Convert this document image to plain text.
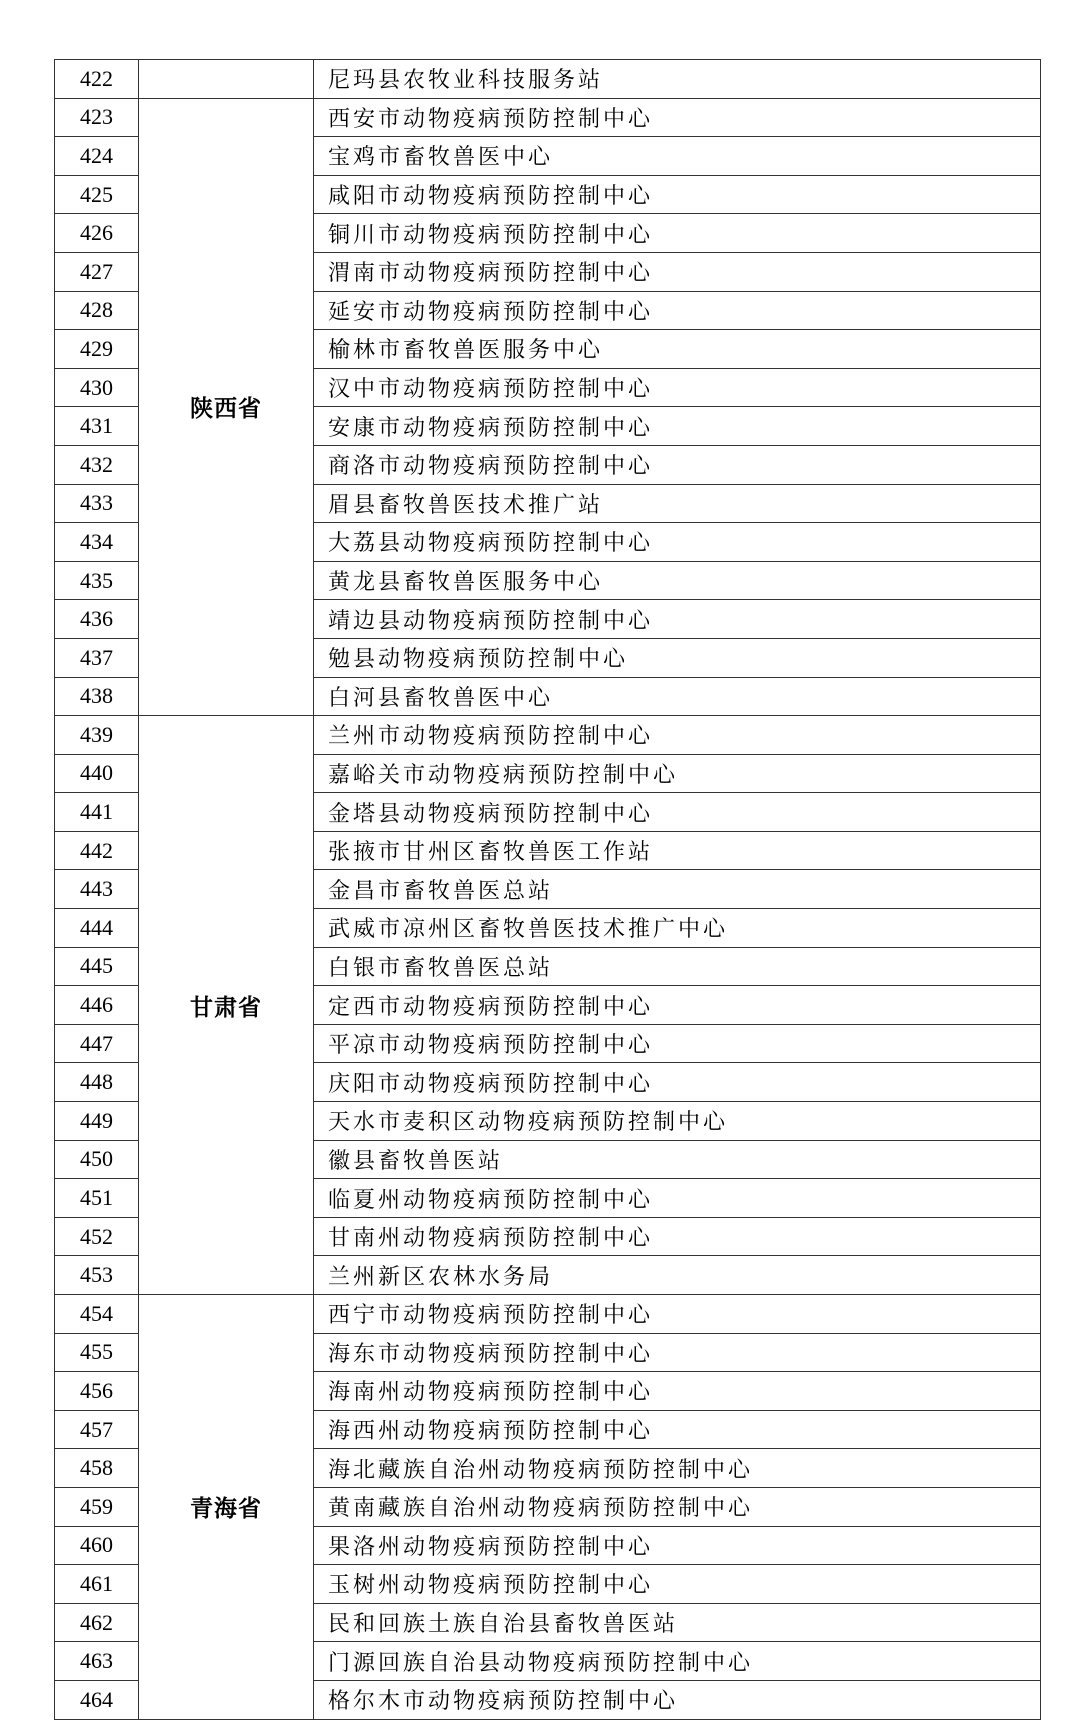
422		尼玛县农牧业科技服务站
423	陕西省	西安市动物疫病预防控制中心
424		宝鸡市畜牧兽医中心
425		咸阳市动物疫病预防控制中心
426		铜川市动物疫病预防控制中心
427		渭南市动物疫病预防控制中心
428		延安市动物疫病预防控制中心
429		榆林市畜牧兽医服务中心
430		汉中市动物疫病预防控制中心
431		安康市动物疫病预防控制中心
432		商洛市动物疫病预防控制中心
433		眉县畜牧兽医技术推广站
434		大荔县动物疫病预防控制中心
435		黄龙县畜牧兽医服务中心
436		靖边县动物疫病预防控制中心
437		勉县动物疫病预防控制中心
438		白河县畜牧兽医中心
439	甘肃省	兰州市动物疫病预防控制中心
440		嘉峪关市动物疫病预防控制中心
441		金塔县动物疫病预防控制中心
442		张掖市甘州区畜牧兽医工作站
443		金昌市畜牧兽医总站
444		武威市凉州区畜牧兽医技术推广中心
445		白银市畜牧兽医总站
446		定西市动物疫病预防控制中心
447		平凉市动物疫病预防控制中心
448		庆阳市动物疫病预防控制中心
449		天水市麦积区动物疫病预防控制中心
450		徽县畜牧兽医站
451		临夏州动物疫病预防控制中心
452		甘南州动物疫病预防控制中心
453		兰州新区农林水务局
454	青海省	西宁市动物疫病预防控制中心
455		海东市动物疫病预防控制中心
456		海南州动物疫病预防控制中心
457		海西州动物疫病预防控制中心
458		海北藏族自治州动物疫病预防控制中心
459		黄南藏族自治州动物疫病预防控制中心
460		果洛州动物疫病预防控制中心
461		玉树州动物疫病预防控制中心
462		民和回族土族自治县畜牧兽医站
463		门源回族自治县动物疫病预防控制中心
464		格尔木市动物疫病预防控制中心
